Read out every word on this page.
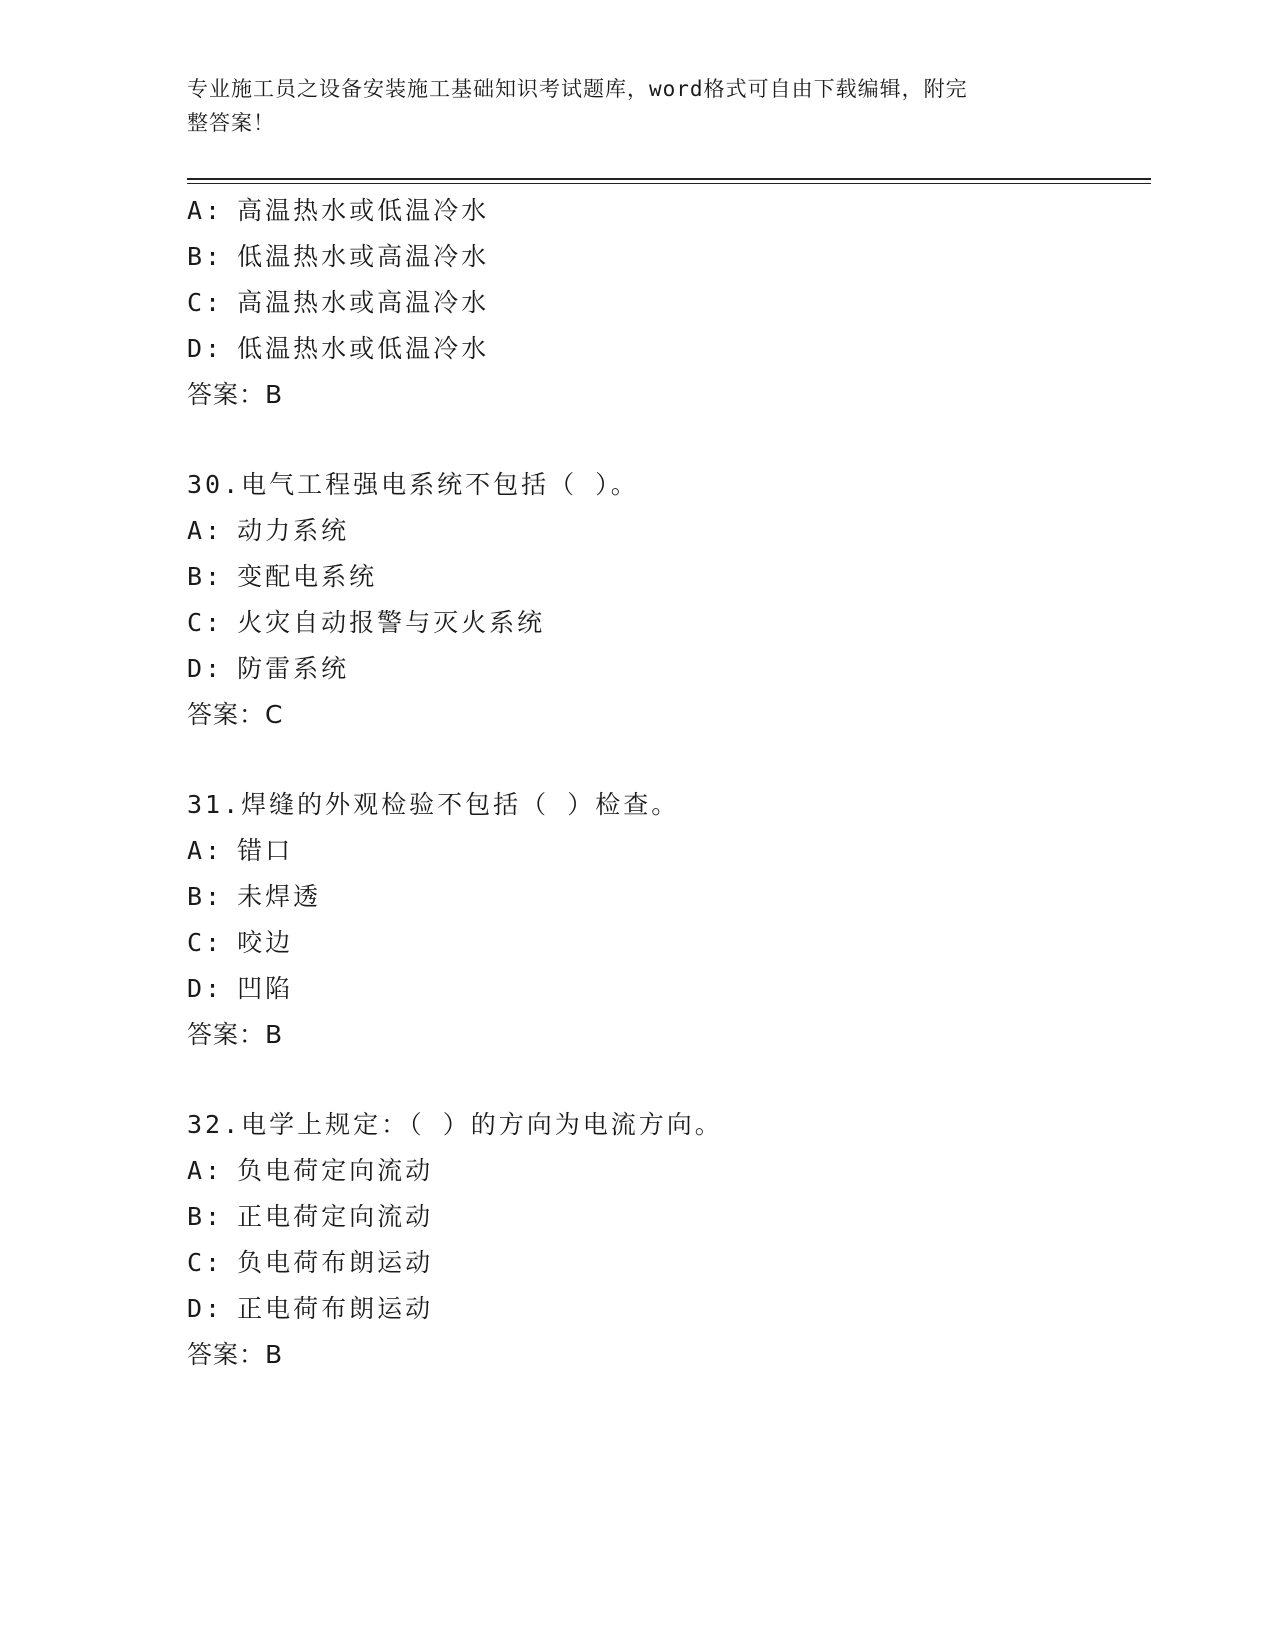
专业施工员之设备安装施工基础知识考试题库，word格式可自由下载编辑，附完
整答案！
A: 高温热水或低温冷水
B: 低温热水或高温冷水
C: 高温热水或高温冷水
D: 低温热水或低温冷水
答案：B
30.电气工程强电系统不包括（ ）。
A: 动力系统
B: 变配电系统
C: 火灾自动报警与灭火系统
D: 防雷系统
答案：C
31.焊缝的外观检验不包括（ ）检查。
A: 错口
B: 未焊透
C: 咬边
D: 凹陷
答案：B
32.电学上规定：（ ）的方向为电流方向。
A: 负电荷定向流动
B: 正电荷定向流动
C: 负电荷布朗运动
D: 正电荷布朗运动
答案：B
